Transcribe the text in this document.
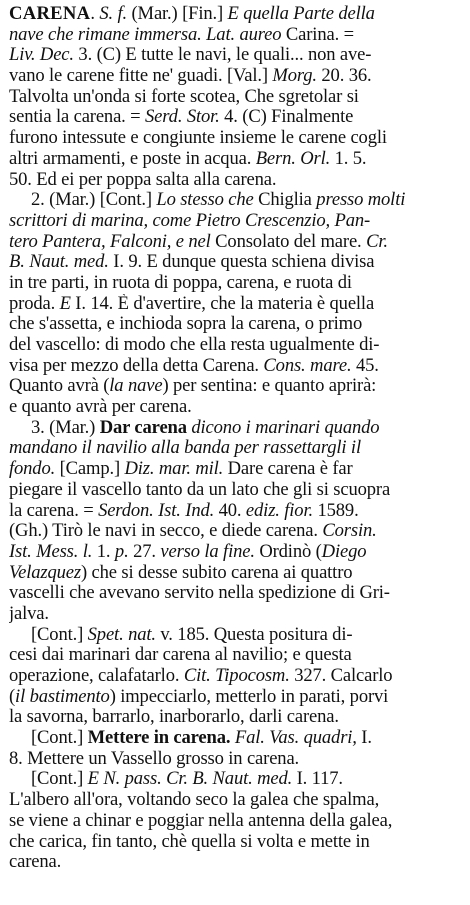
CARENA. S. f. (Mar.) [Fin.] E quella Parte della
nave che rimane immersa. Lat. aureo Carina. =
Liv. Dec. 3. (C) E tutte le navi, le quali... non ave-
vano le carene fitte ne' guadi. [Val.] Morg. 20. 36.
Talvolta un'onda si forte scotea, Che sgretolar si
sentia la carena. = Serd. Stor. 4. (C) Finalmente
furono intessute e congiunte insieme le carene cogli
altri armamenti, e poste in acqua. Bern. Orl. 1. 5.
50. Ed ei per poppa salta alla carena.
2. (Mar.) [Cont.] Lo stesso che Chiglia presso molti
scrittori di marina, come Pietro Crescenzio, Pan-
tero Pantera, Falconi, e nel Consolato del mare. Cr.
B. Naut. med. I. 9. E dunque questa schiena divisa
in tre parti, in ruota di poppa, carena, e ruota di
proda. E I. 14. È d'avertire, che la materia è quella
che s'assetta, e inchioda sopra la carena, o primo
del vascello: di modo che ella resta ugualmente di-
visa per mezzo della detta Carena. Cons. mare. 45.
Quanto avrà (la nave) per sentina: e quanto aprirà:
e quanto avrà per carena.
3. (Mar.) Dar carena dicono i marinari quando
mandano il navilio alla banda per rassettargli il
fondo. [Camp.] Diz. mar. mil. Dare carena è far
piegare il vascello tanto da un lato che gli si scuopra
la carena. = Serdon. Ist. Ind. 40. ediz. fior. 1589.
(Gh.) Tirò le navi in secco, e diede carena. Corsin.
Ist. Mess. l. 1. p. 27. verso la fine. Ordinò (Diego
Velazquez) che si desse subito carena ai quattro
vascelli che avevano servito nella spedizione di Gri-
jalva.
[Cont.] Spet. nat. v. 185. Questa positura di-
cesi dai marinari dar carena al navilio; e questa
operazione, calafatarlo. Cit. Tipocosm. 327. Calcarlo
(il bastimento) impecciarlo, metterlo in parati, porvi
la savorna, barrarlo, inarborarlo, darli carena.
[Cont.] Mettere in carena. Fal. Vas. quadri, I.
8. Mettere un Vassello grosso in carena.
[Cont.] E N. pass. Cr. B. Naut. med. I. 117.
L'albero all'ora, voltando seco la galea che spalma,
se viene a chinar e poggiar nella antenna della galea,
che carica, fin tanto, chè quella si volta e mette in
carena.
